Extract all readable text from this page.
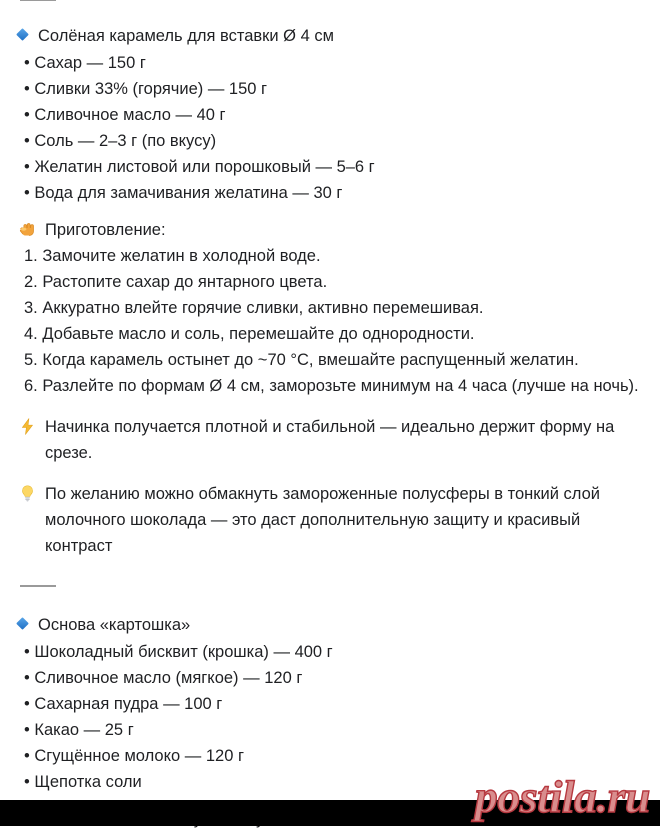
Солёная карамель для вставки Ø 4 см
• Сахар — 150 г
• Сливки 33% (горячие) — 150 г
• Сливочное масло — 40 г
• Соль — 2–3 г (по вкусу)
• Желатин листовой или порошковый — 5–6 г
• Вода для замачивания желатина — 30 г
Приготовление:
1. Замочите желатин в холодной воде.
2. Растопите сахар до янтарного цвета.
3. Аккуратно влейте горячие сливки, активно перемешивая.
4. Добавьте масло и соль, перемешайте до однородности.
5. Когда карамель остынет до ~70 °C, вмешайте распущенный желатин.
6. Разлейте по формам Ø 4 см, заморозьте минимум на 4 часа (лучше на ночь).
Начинка получается плотной и стабильной — идеально держит форму на срезе.
По желанию можно обмакнуть замороженные полусферы в тонкий слой молочного шоколада — это даст дополнительную защиту и красивый контраст
Основа «картошка»
• Шоколадный бисквит (крошка) — 400 г
• Сливочное масло (мягкое) — 120 г
• Сахарная пудра — 100 г
• Какао — 25 г
• Сгущённое молоко — 120 г
• Щепотка соли	postila.ru
